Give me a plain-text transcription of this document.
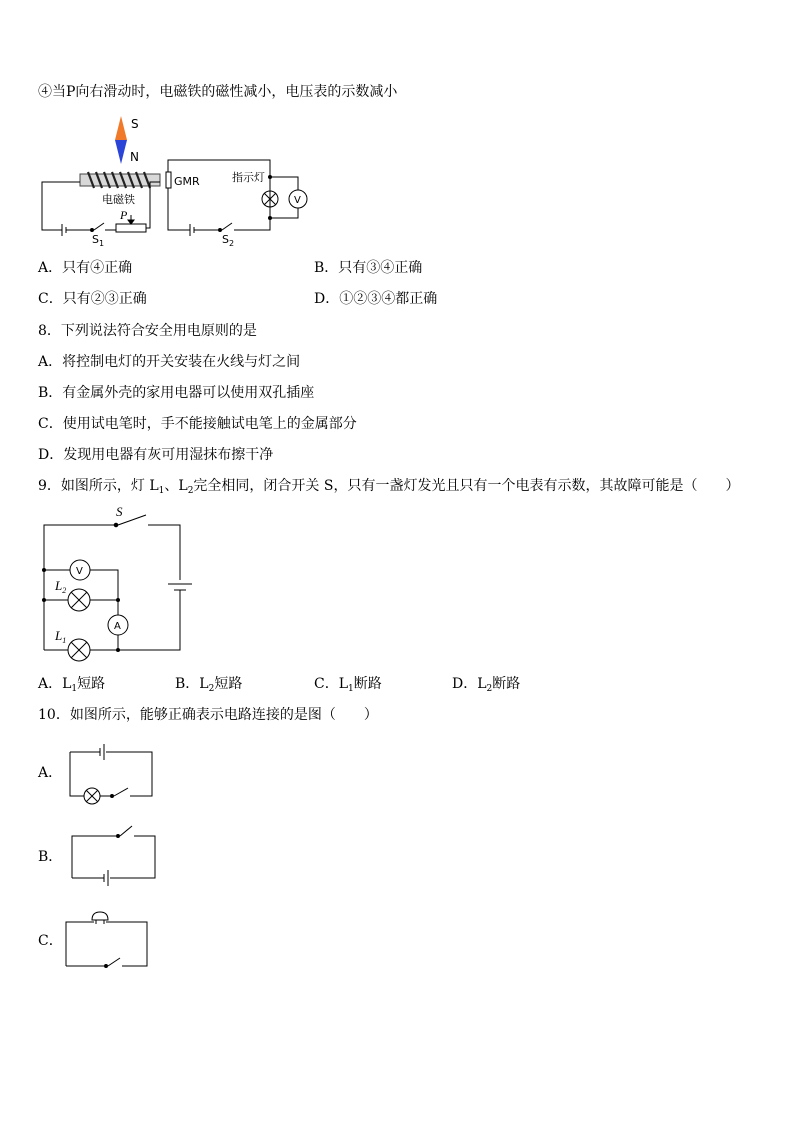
④当P向右滑动时，电磁铁的磁性减小，电压表的示数减小
S
N
电磁铁
P
$S_1$
GMR	指示灯
V
$S_2$
A．只有④正确	B．只有③④正确
C．只有②③正确	D．①②③④都正确
8．下列说法符合安全用电原则的是
A．将控制电灯的开关安装在火线与灯之间
B．有金属外壳的家用电器可以使用双孔插座
C．使用试电笔时，手不能接触试电笔上的金属部分
D．发现用电器有灰可用湿抹布擦干净
9．如图所示，灯 $L_1$、$L_2$完全相同，闭合开关 S，只有一盏灯发光且只有一个电表有示数，其故障可能是（　　）
S
V
A
$L_2$
$L_1$
A．$L_1$短路	B．$L_2$短路	C．$L_1$断路	D．$L_2$断路
10．如图所示，能够正确表示电路连接的是图（　　）
A．
B．
C．
